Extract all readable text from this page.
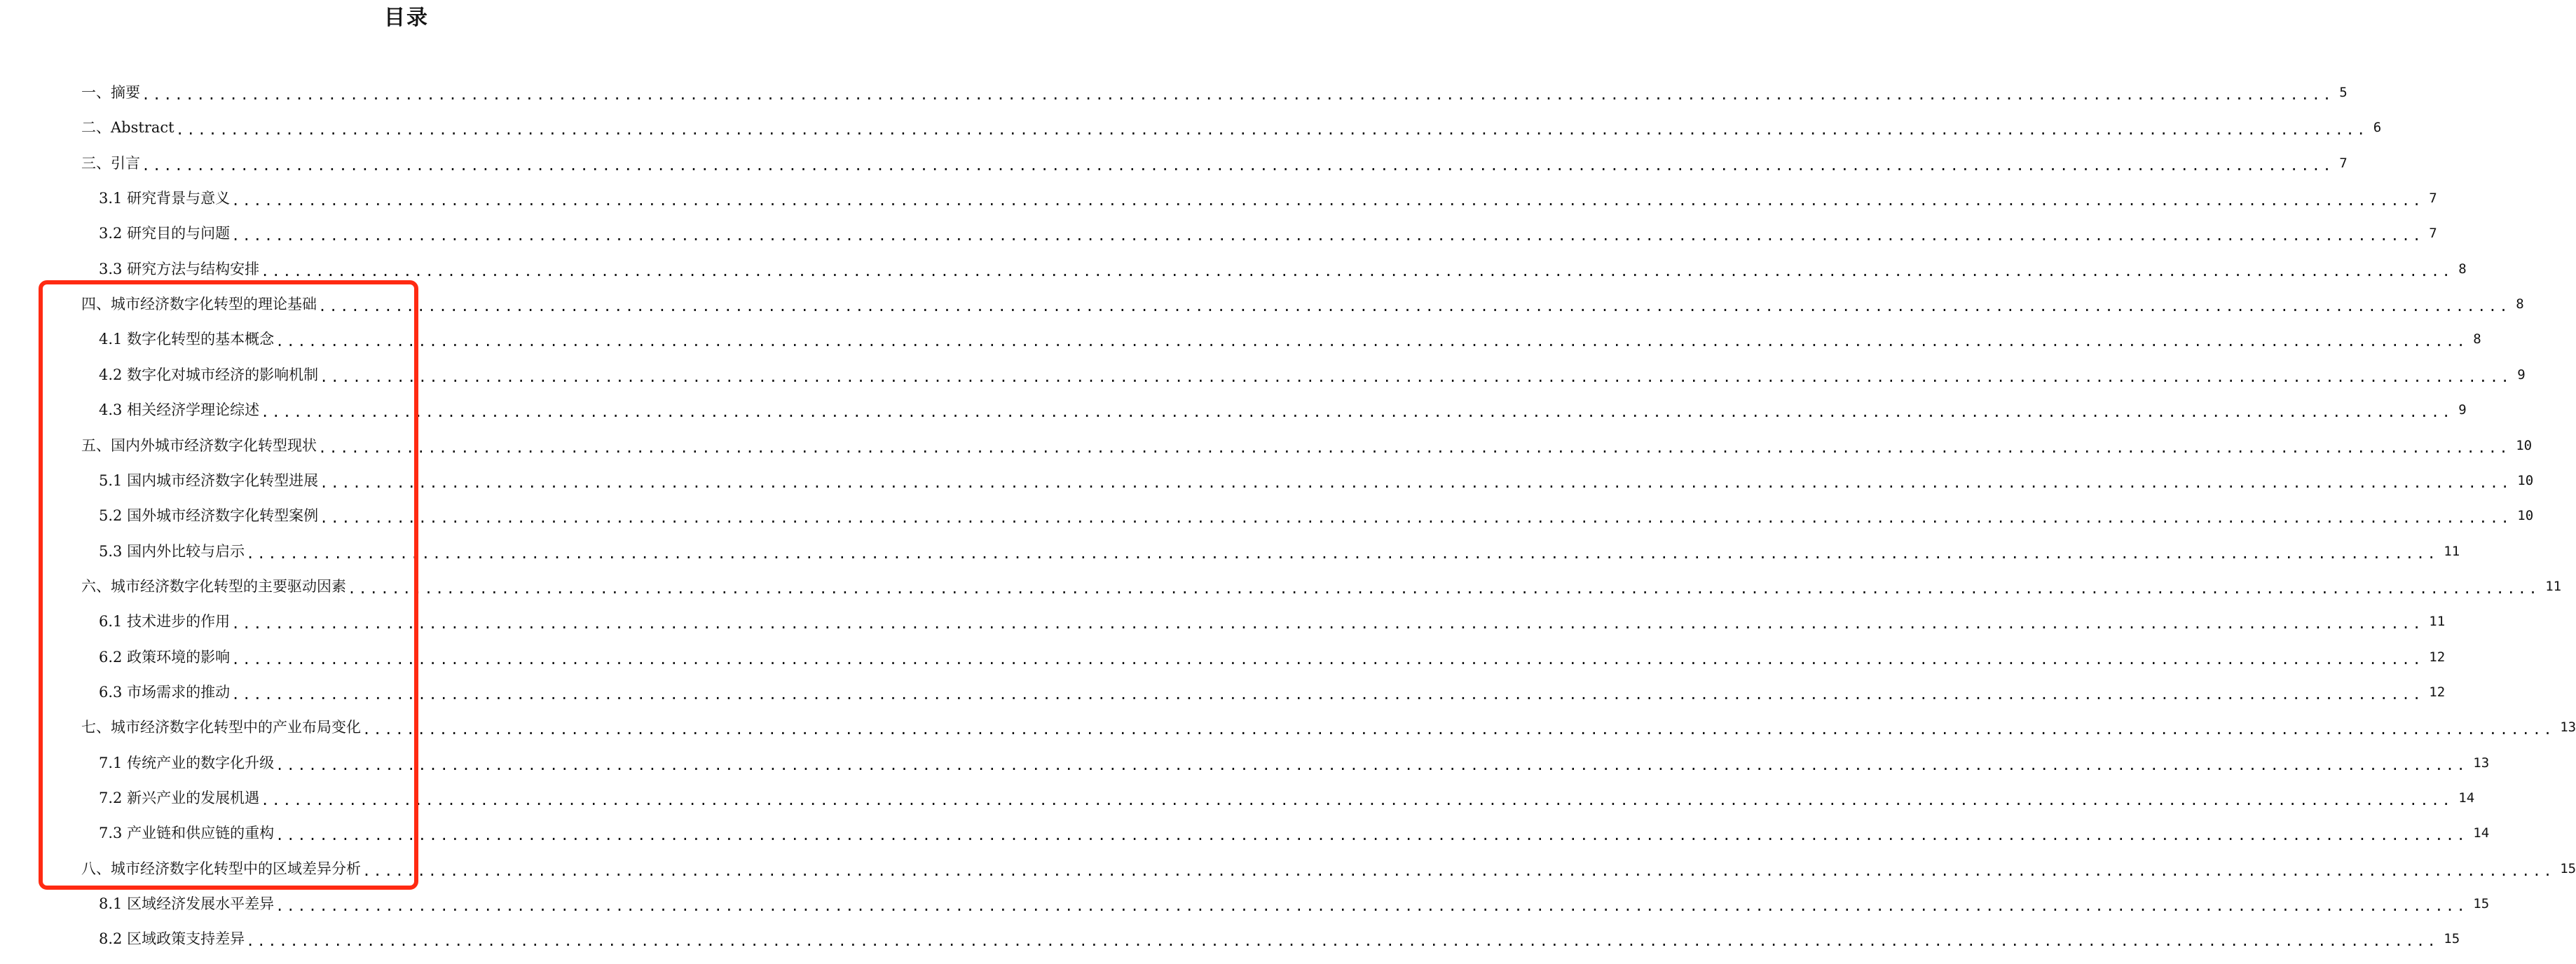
目录
一、摘要 ........................................................................................................................................................................................................ 5
二、Abstract ........................................................................................................................................................................................................ 6
三、引言 ........................................................................................................................................................................................................ 7
3.1 研究背景与意义 ........................................................................................................................................................................................................ 7
3.2 研究目的与问题 ........................................................................................................................................................................................................ 7
3.3 研究方法与结构安排 ........................................................................................................................................................................................................ 8
四、城市经济数字化转型的理论基础 ........................................................................................................................................................................................................ 8
4.1 数字化转型的基本概念 ........................................................................................................................................................................................................ 8
4.2 数字化对城市经济的影响机制 ........................................................................................................................................................................................................ 9
4.3 相关经济学理论综述 ........................................................................................................................................................................................................ 9
五、国内外城市经济数字化转型现状 ........................................................................................................................................................................................................ 10
5.1 国内城市经济数字化转型进展 ........................................................................................................................................................................................................ 10
5.2 国外城市经济数字化转型案例 ........................................................................................................................................................................................................ 10
5.3 国内外比较与启示 ........................................................................................................................................................................................................ 11
六、城市经济数字化转型的主要驱动因素 ........................................................................................................................................................................................................ 11
6.1 技术进步的作用 ........................................................................................................................................................................................................ 11
6.2 政策环境的影响 ........................................................................................................................................................................................................ 12
6.3 市场需求的推动 ........................................................................................................................................................................................................ 12
七、城市经济数字化转型中的产业布局变化 ........................................................................................................................................................................................................ 13
7.1 传统产业的数字化升级 ........................................................................................................................................................................................................ 13
7.2 新兴产业的发展机遇 ........................................................................................................................................................................................................ 14
7.3 产业链和供应链的重构 ........................................................................................................................................................................................................ 14
八、城市经济数字化转型中的区域差异分析 ........................................................................................................................................................................................................ 15
8.1 区域经济发展水平差异 ........................................................................................................................................................................................................ 15
8.2 区域政策支持差异 ........................................................................................................................................................................................................ 15
